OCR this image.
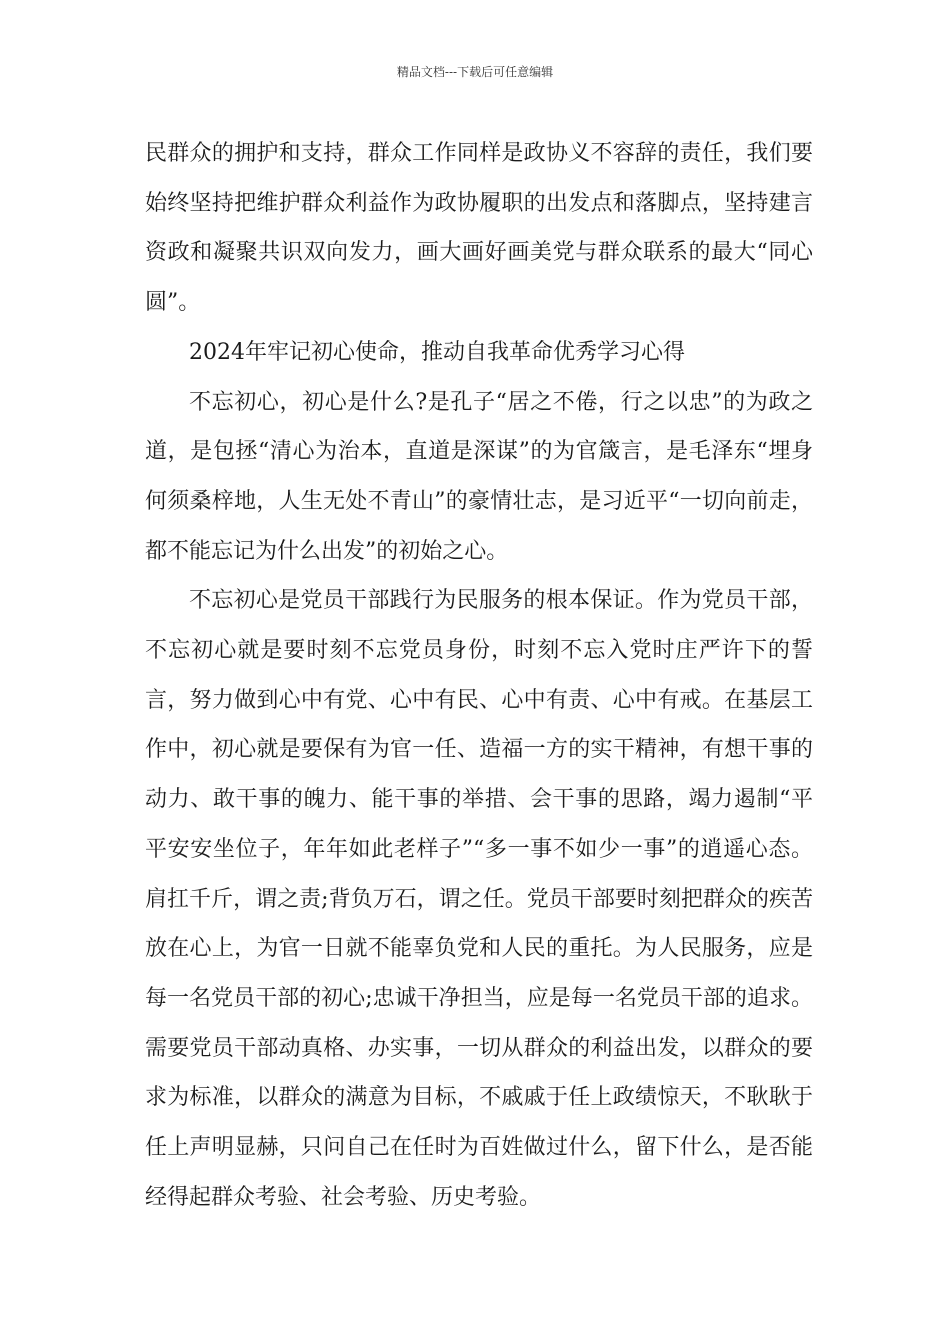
精品文档---下载后可任意编辑

民群众的拥护和支持，群众工作同样是政协义不容辞的责任，我们要始终坚持把维护群众利益作为政协履职的出发点和落脚点，坚持建言资政和凝聚共识双向发力，画大画好画美党与群众联系的最大“同心圆”。

2024年牢记初心使命，推动自我革命优秀学习心得

不忘初心，初心是什么?是孔子“居之不倦，行之以忠”的为政之道，是包拯“清心为治本，直道是深谋”的为官箴言，是毛泽东“埋身何须桑梓地，人生无处不青山”的豪情壮志，是习近平“一切向前走，都不能忘记为什么出发”的初始之心。

不忘初心是党员干部践行为民服务的根本保证。作为党员干部，不忘初心就是要时刻不忘党员身份，时刻不忘入党时庄严许下的誓言，努力做到心中有党、心中有民、心中有责、心中有戒。在基层工作中，初心就是要保有为官一任、造福一方的实干精神，有想干事的动力、敢干事的魄力、能干事的举措、会干事的思路，竭力遏制“平平安安坐位子，年年如此老样子”“多一事不如少一事”的逍遥心态。肩扛千斤，谓之责;背负万石，谓之任。党员干部要时刻把群众的疾苦放在心上，为官一日就不能辜负党和人民的重托。为人民服务，应是每一名党员干部的初心;忠诚干净担当，应是每一名党员干部的追求。需要党员干部动真格、办实事，一切从群众的利益出发，以群众的要求为标准，以群众的满意为目标，不戚戚于任上政绩惊天，不耿耿于任上声明显赫，只问自己在任时为百姓做过什么，留下什么，是否能经得起群众考验、社会考验、历史考验。
